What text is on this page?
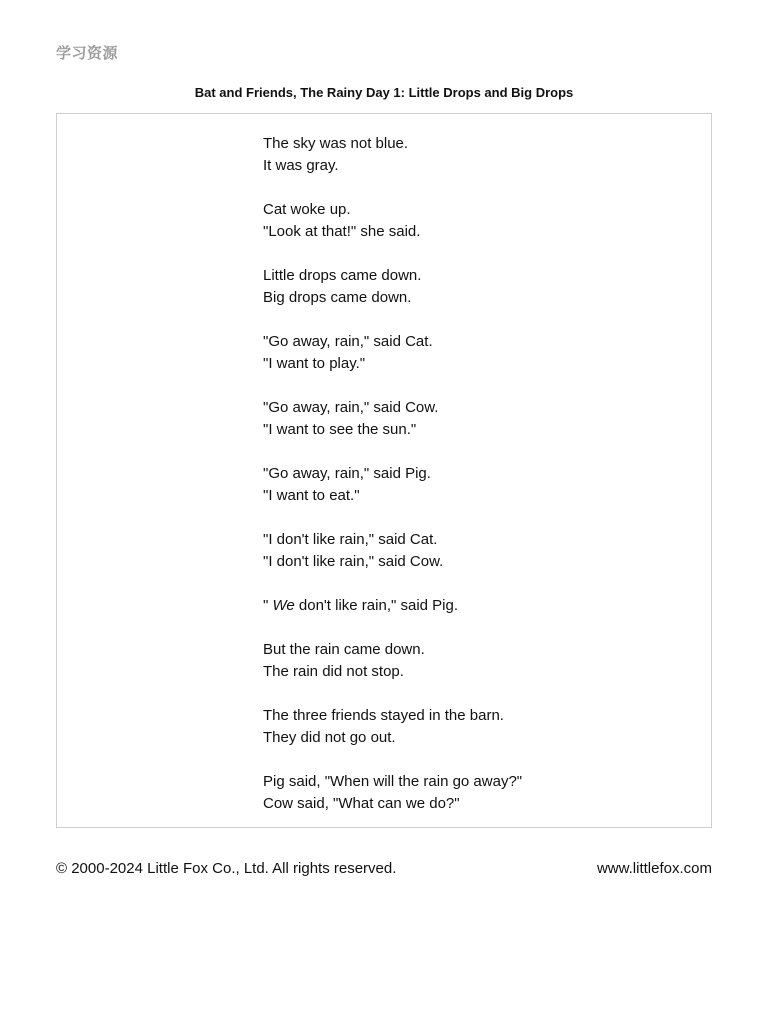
学习资源
Bat and Friends, The Rainy Day 1: Little Drops and Big Drops
The sky was not blue.
It was gray.
Cat woke up.
"Look at that!" she said.
Little drops came down.
Big drops came down.
"Go away, rain," said Cat.
"I want to play."
"Go away, rain," said Cow.
"I want to see the sun."
"Go away, rain," said Pig.
"I want to eat."
"I don't like rain," said Cat.
"I don't like rain," said Cow.
" We don't like rain," said Pig.
But the rain came down.
The rain did not stop.
The three friends stayed in the barn.
They did not go out.
Pig said, "When will the rain go away?"
Cow said, "What can we do?"
© 2000-2024 Little Fox Co., Ltd. All rights reserved.	www.littlefox.com
